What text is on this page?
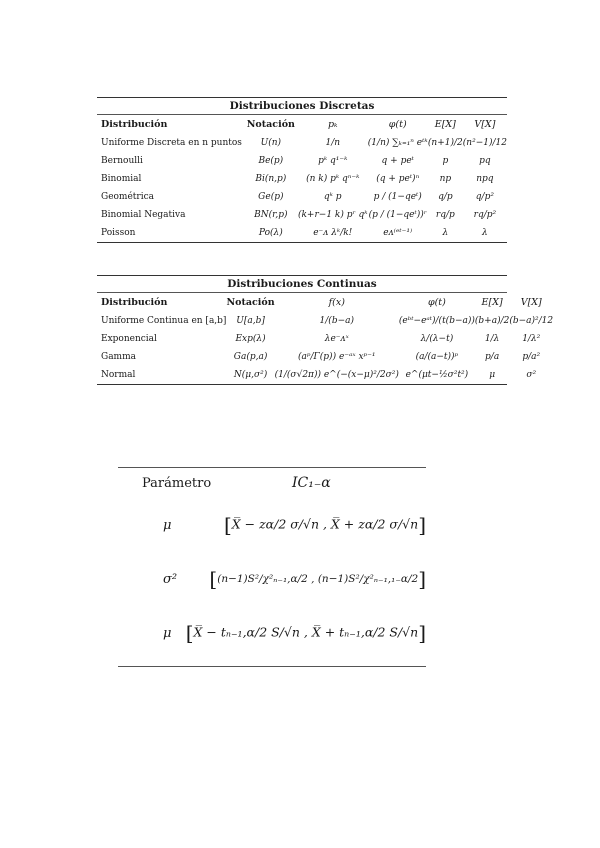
Distribuciones Discretas
Distribución	Notación	pₖ	φ(t)	E[X]	V[X]
Uniforme Discreta en n puntos	U(n)	1/n	(1/n) ∑ₖ₌₁ⁿ eᵗᵏ	(n+1)/2	(n²−1)/12
Bernoulli	Be(p)	pᵏ q¹⁻ᵏ	q + peᵗ	p	pq
Binomial	Bi(n,p)	(n k) pᵏ qⁿ⁻ᵏ	(q + peᵗ)ⁿ	np	npq
Geométrica	Ge(p)	qᵏ p	p / (1−qeᵗ)	q/p	q/p²
Binomial Negativa	BN(r,p)	(k+r−1 k) pʳ qᵏ	(p / (1−qeᵗ))ʳ	rq/p	rq/p²
Poisson	Po(λ)	e⁻ᴧ λᵏ/k!	eᴧ⁽ᵉᵗ⁻¹⁾	λ	λ
Distribuciones Continuas
Distribución	Notación	f(x)	φ(t)	E[X]	V[X]
Uniforme Continua en [a,b]	U[a,b]	1/(b−a)	(eᵇᵗ−eᵃᵗ)/(t(b−a))	(b+a)/2	(b−a)²/12
Exponencial	Exp(λ)	λe⁻ᴧˣ	λ/(λ−t)	1/λ	1/λ²
Gamma	Ga(p,a)	(aᵖ/Γ(p)) e⁻ᵃˣ xᵖ⁻¹	(a/(a−t))ᵖ	p/a	p/a²
Normal	N(μ,σ²)	(1/(σ√2π)) e^(−(x−μ)²/2σ²)	e^(μt−½σ²t²)	μ	σ²
Parámetro	IC₁₋α
μ	[X̅ − zα/2 σ/√n , X̅ + zα/2 σ/√n]
σ²	[(n−1)S²/χ²ₙ₋₁,α/2 , (n−1)S²/χ²ₙ₋₁,₁₋α/2]
μ [X̅ − tₙ₋₁,α/2 S/√n , X̅ + tₙ₋₁,α/2 S/√n]
